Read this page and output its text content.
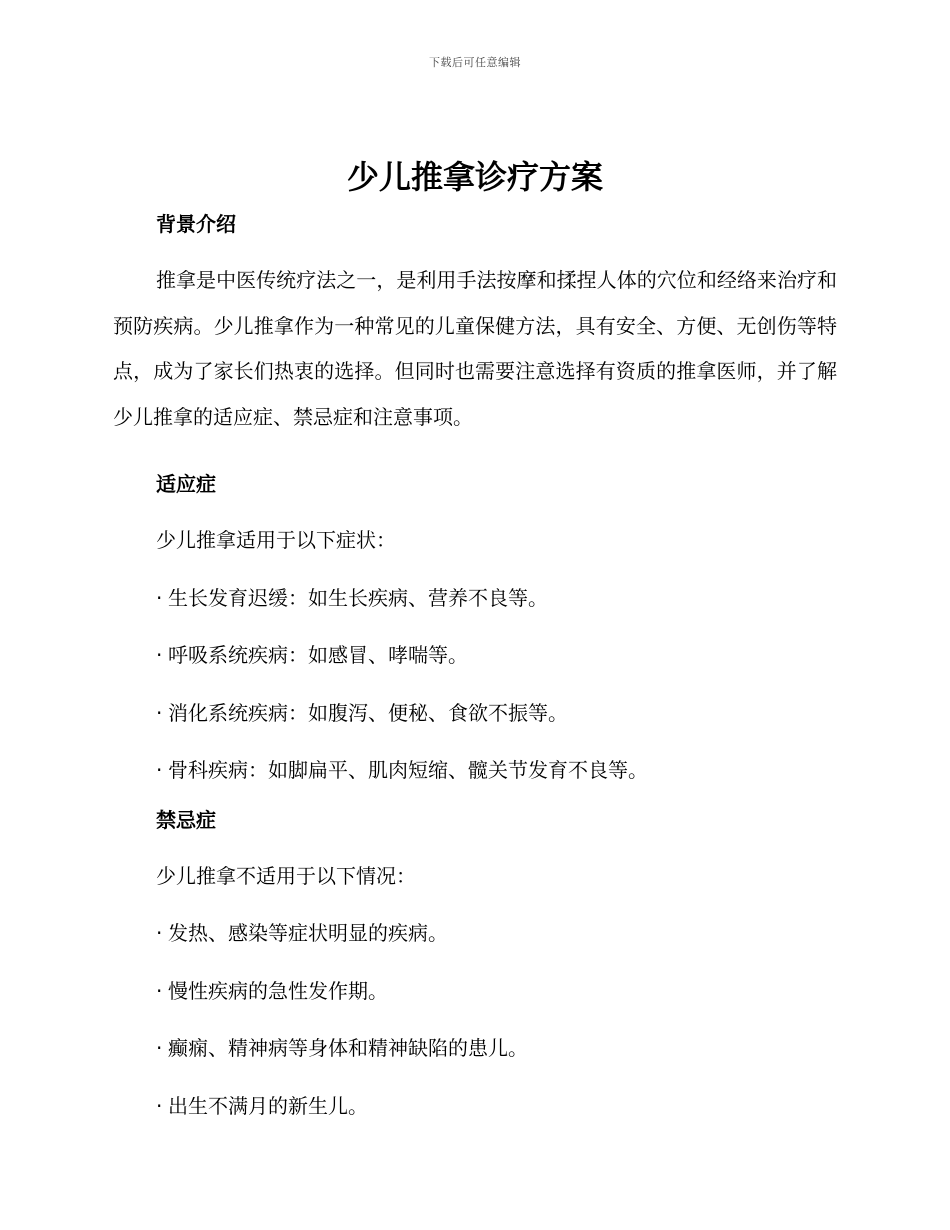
下载后可任意编辑
少儿推拿诊疗方案
背景介绍

推拿是中医传统疗法之一，是利用手法按摩和揉捏人体的穴位和经络来治疗和预防疾病。少儿推拿作为一种常见的儿童保健方法，具有安全、方便、无创伤等特点，成为了家长们热衷的选择。但同时也需要注意选择有资质的推拿医师，并了解少儿推拿的适应症、禁忌症和注意事项。

适应症

少儿推拿适用于以下症状：

· 生长发育迟缓：如生长疾病、营养不良等。

· 呼吸系统疾病：如感冒、哮喘等。

· 消化系统疾病：如腹泻、便秘、食欲不振等。

· 骨科疾病：如脚扁平、肌肉短缩、髋关节发育不良等。

禁忌症

少儿推拿不适用于以下情况：

· 发热、感染等症状明显的疾病。

· 慢性疾病的急性发作期。

· 癫痫、精神病等身体和精神缺陷的患儿。

· 出生不满月的新生儿。
